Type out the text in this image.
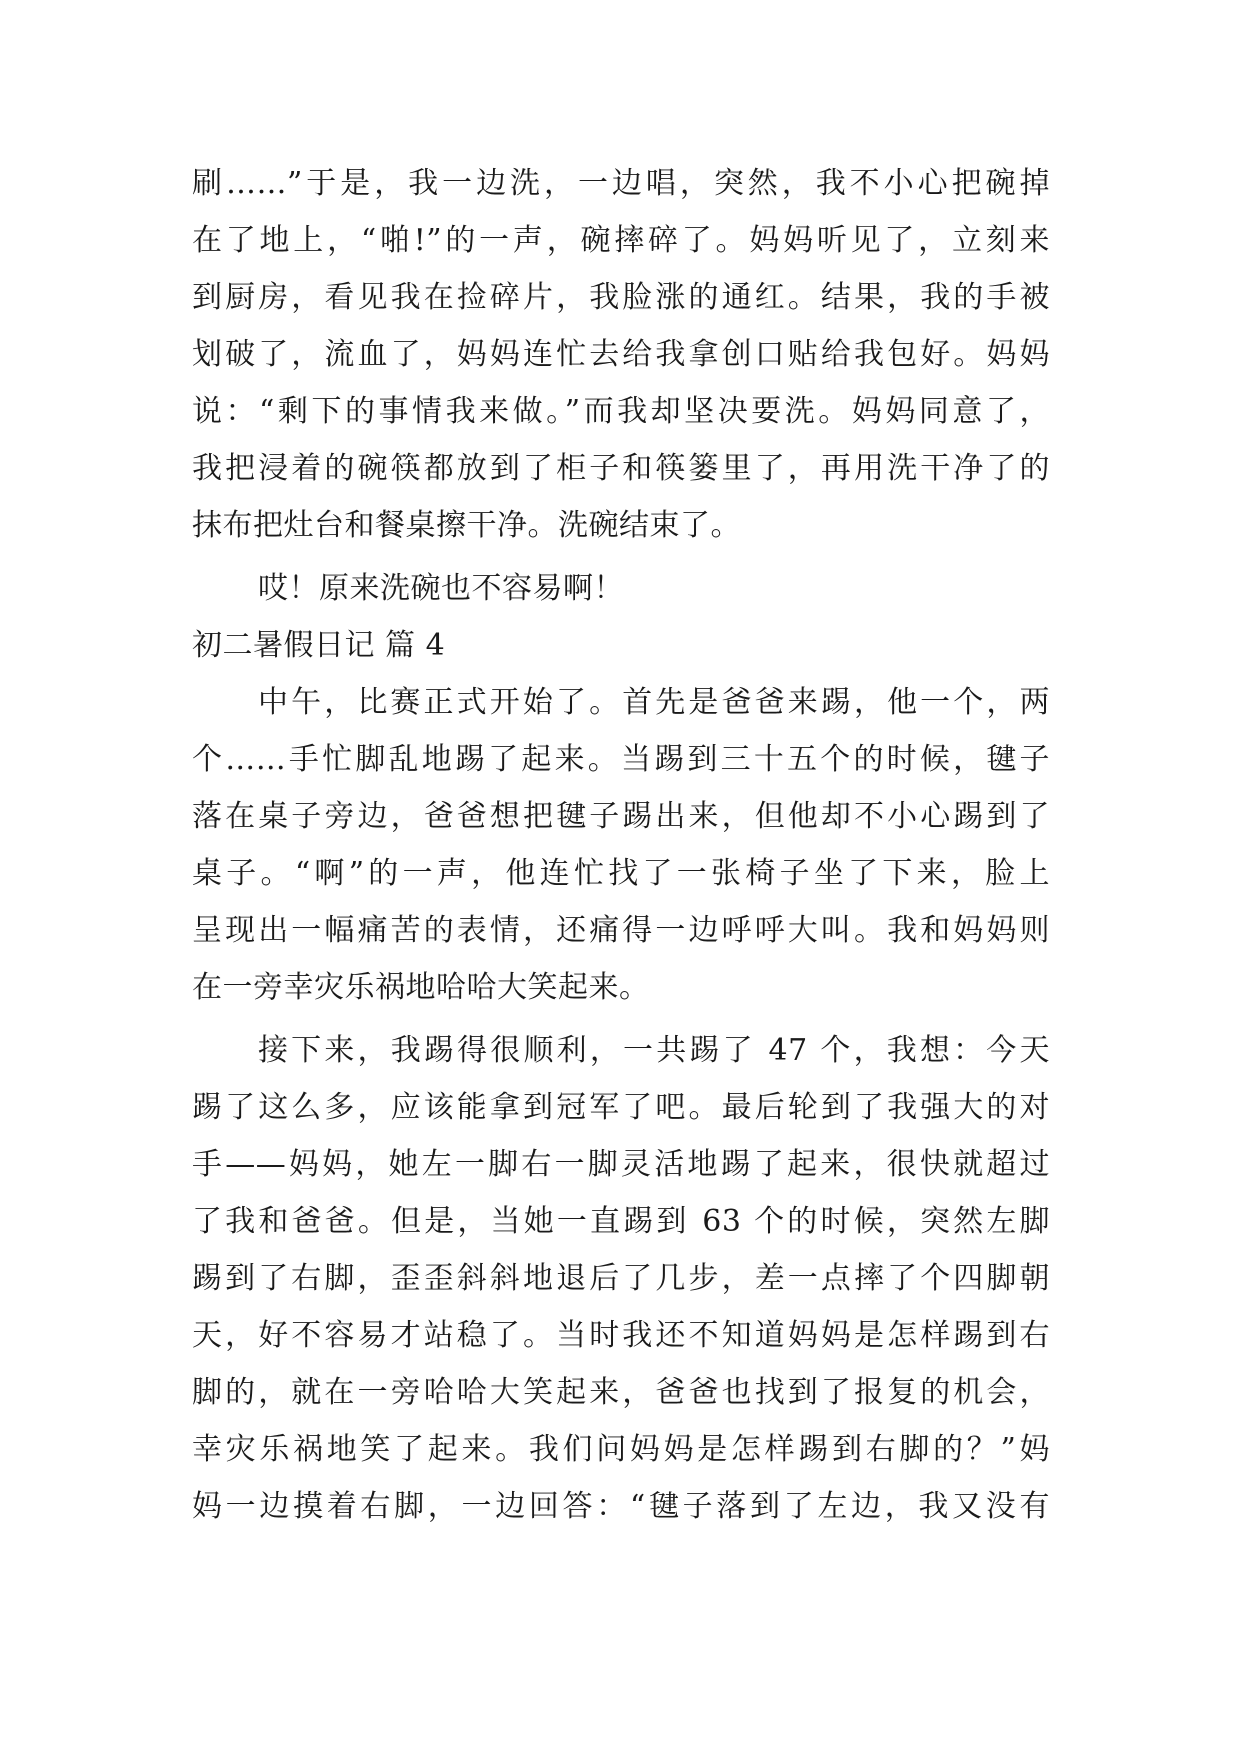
刷……”于是，我一边洗，一边唱，突然，我不小心把碗掉
在了地上，“啪!”的一声，碗摔碎了。妈妈听见了，立刻来
到厨房，看见我在捡碎片，我脸涨的通红。结果，我的手被
划破了，流血了，妈妈连忙去给我拿创口贴给我包好。妈妈
说：“剩下的事情我来做。”而我却坚决要洗。妈妈同意了，
我把浸着的碗筷都放到了柜子和筷篓里了，再用洗干净了的
抹布把灶台和餐桌擦干净。洗碗结束了。
哎！原来洗碗也不容易啊！
初二暑假日记 篇 4
中午，比赛正式开始了。首先是爸爸来踢，他一个，两
个……手忙脚乱地踢了起来。当踢到三十五个的时候，毽子
落在桌子旁边，爸爸想把毽子踢出来，但他却不小心踢到了
桌子。“啊”的一声，他连忙找了一张椅子坐了下来，脸上
呈现出一幅痛苦的表情，还痛得一边呼呼大叫。我和妈妈则
在一旁幸灾乐祸地哈哈大笑起来。
接下来，我踢得很顺利，一共踢了 47 个，我想：今天
踢了这么多，应该能拿到冠军了吧。最后轮到了我强大的对
手——妈妈，她左一脚右一脚灵活地踢了起来，很快就超过
了我和爸爸。但是，当她一直踢到 63 个的时候，突然左脚
踢到了右脚，歪歪斜斜地退后了几步，差一点摔了个四脚朝
天，好不容易才站稳了。当时我还不知道妈妈是怎样踢到右
脚的，就在一旁哈哈大笑起来，爸爸也找到了报复的机会，
幸灾乐祸地笑了起来。我们问妈妈是怎样踢到右脚的？”妈
妈一边摸着右脚，一边回答：“毽子落到了左边，我又没有
